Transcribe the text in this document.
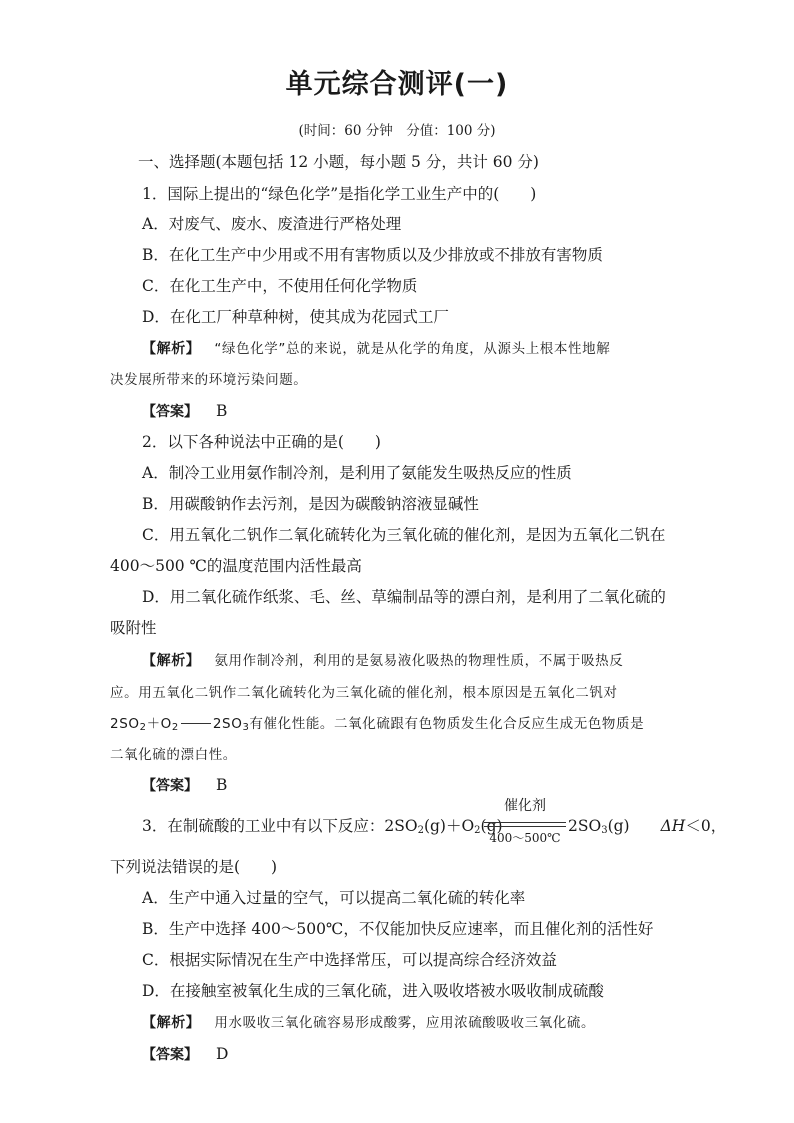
单元综合测评(一)
(时间：60 分钟　分值：100 分)
一、选择题(本题包括 12 小题，每小题 5 分，共计 60 分)
1．国际上提出的“绿色化学”是指化学工业生产中的(　　)
A．对废气、废水、废渣进行严格处理
B．在化工生产中少用或不用有害物质以及少排放或不排放有害物质
C．在化工生产中，不使用任何化学物质
D．在化工厂种草种树，使其成为花园式工厂
【解析】 “绿色化学”总的来说，就是从化学的角度，从源头上根本性地解
决发展所带来的环境污染问题。
【答案】 B
2．以下各种说法中正确的是(　　)
A．制冷工业用氨作制冷剂，是利用了氨能发生吸热反应的性质
B．用碳酸钠作去污剂，是因为碳酸钠溶液显碱性
C．用五氧化二钒作二氧化硫转化为三氧化硫的催化剂，是因为五氧化二钒在
400～500 ℃的温度范围内活性最高
D．用二氧化硫作纸浆、毛、丝、草编制品等的漂白剂，是利用了二氧化硫的
吸附性
【解析】 氨用作制冷剂，利用的是氨易液化吸热的物理性质，不属于吸热反
应。用五氧化二钒作二氧化硫转化为三氧化硫的催化剂，根本原因是五氧化二钒对
$2SO_2+O_2$	$2SO_3$有催化性能。二氧化硫跟有色物质发生化合反应生成无色物质是
二氧化硫的漂白性。
【答案】 B
3．在制硫酸的工业中有以下反应：$2SO_2(g)+O_2(g)$
催化剂
400～500℃
$2SO_3(g)$　　 ΔH＜0，
下列说法错误的是(　　)
A．生产中通入过量的空气，可以提高二氧化硫的转化率
B．生产中选择 400～500℃，不仅能加快反应速率，而且催化剂的活性好
C．根据实际情况在生产中选择常压，可以提高综合经济效益
D．在接触室被氧化生成的三氧化硫，进入吸收塔被水吸收制成硫酸
【解析】 用水吸收三氧化硫容易形成酸雾，应用浓硫酸吸收三氧化硫。
【答案】 D
